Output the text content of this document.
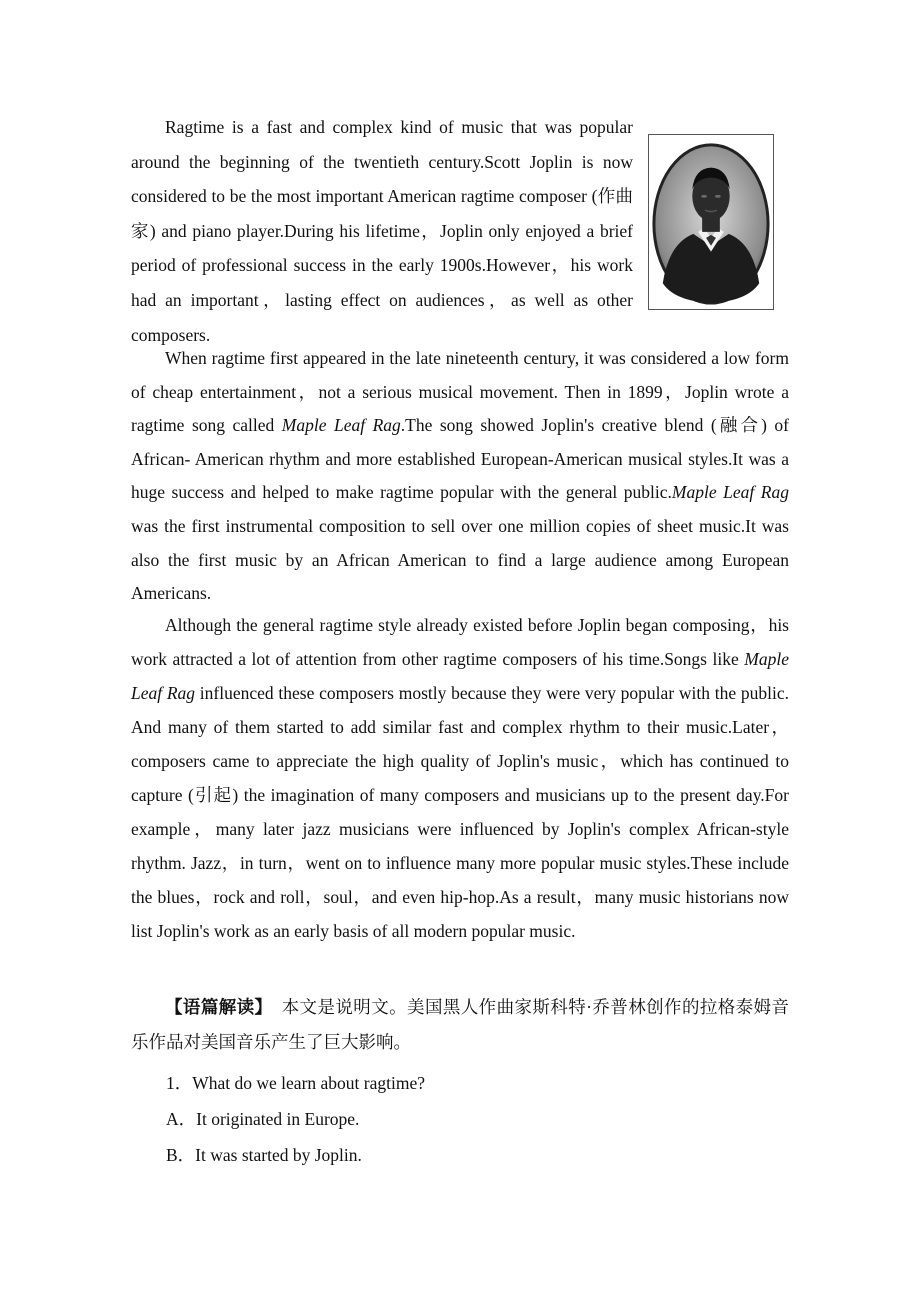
Ragtime is a fast and complex kind of music that was popular around the beginning of the twentieth century.Scott Joplin is now considered to be the most important American ragtime composer (作曲家) and piano player.During his lifetime，Joplin only enjoyed a brief period of professional success in the early 1900s.However，his work had an important，lasting effect on audiences，as well as other composers.

When ragtime first appeared in the late nineteenth century, it was considered a low form of cheap entertainment，not a serious musical movement. Then in 1899，Joplin wrote a ragtime song called Maple Leaf Rag.The song showed Joplin's creative blend (融合) of African- American rhythm and more established European-American musical styles.It was a huge success and helped to make ragtime popular with the general public.Maple Leaf Rag was the first instrumental composition to sell over one million copies of sheet music.It was also the first music by an African American to find a large audience among European Americans.

Although the general ragtime style already existed before Joplin began composing，his work attracted a lot of attention from other ragtime composers of his time.Songs like Maple Leaf Rag influenced these composers mostly because they were very popular with the public. And many of them started to add similar fast and complex rhythm to their music.Later，composers came to appreciate the high quality of Joplin's music，which has continued to capture (引起) the imagination of many composers and musicians up to the present day.For example，many later jazz musicians were influenced by Joplin's complex African-style rhythm. Jazz，in turn，went on to influence many more popular music styles.These include the blues，rock and roll，soul，and even hip-hop.As a result，many music historians now list Joplin's work as an early basis of all modern popular music.

【语篇解读】　本文是说明文。美国黑人作曲家斯科特·乔普林创作的拉格泰姆音乐作品对美国音乐产生了巨大影响。

1．What do we learn about ragtime?
A．It originated in Europe.
B．It was started by Joplin.
